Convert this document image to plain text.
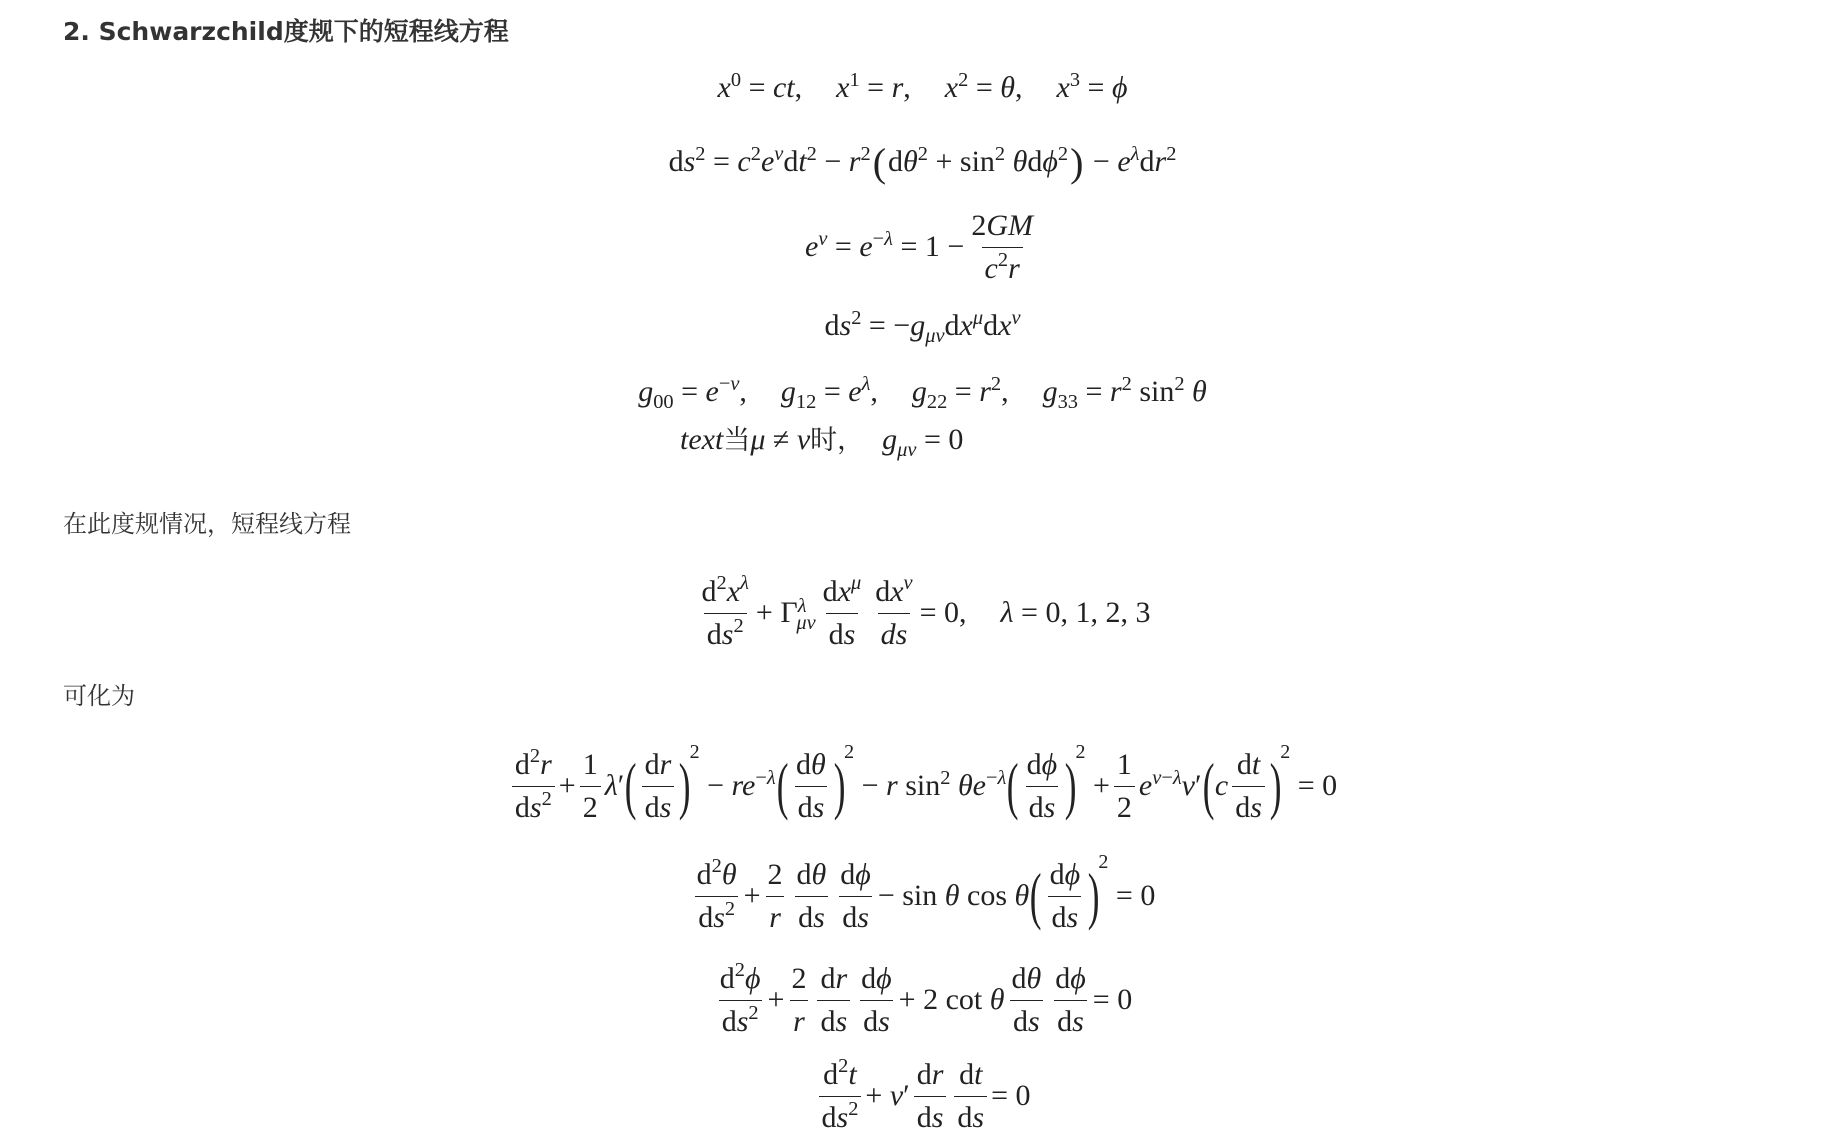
2. Schwarzchild度规下的短程线方程
$x^0$ = ct, $x^1 = r$, $x^2 = \theta$, $x^3 = \phi$
$ds^2 = c^2e^\nu dt^2 - r^2$ ( $d\theta^2 + \sin^2 \theta d\phi^2$ ) − $e^\lambda dr^2$
$e^\nu = e^{-\lambda} = 1 - \frac{2GM}{c^2r}$
$ds^2 = -g_{\mu\nu}dx^\mu dx^\nu$
$g_{00} = e^{-\nu}$, $g_{12} = e^\lambda$, $g_{22} = r^2$, $g_{33} = r^2$ $\sin^2 \theta$
text 当 μ ≠ ν 时， $g_{\mu\nu} = 0$
在此度规情况，短程线方程
$\frac{d^2x^\lambda}{ds^2} + \Gamma^\lambda_{\mu\nu} \frac{dx^\mu}{ds} \frac{dx^\nu}{ds} = 0$, λ = 0, 1, 2, 3
可化为
$\frac{d^2r}{ds^2} + \frac{1}{2} \lambda'$ ( $\frac{dr}{ds}$ )
2
− $re^{-\lambda}$ ( $\frac{d\theta}{ds}$ )
2
− r $\sin^2 \theta e^{-\lambda}$ ( $\frac{d\phi}{ds}$ )
2
+ $\frac{1}{2} e^{\nu-\lambda}\nu'$ ( c $\frac{dt}{ds}$ )
2
= 0
$\frac{d^2\theta}{ds^2} + \frac{2}{r} \frac{d\theta}{ds} \frac{d\phi}{ds} - \sin \theta$ cos θ ( $\frac{d\phi}{ds}$ )
2
= 0
$\frac{d^2\phi}{ds^2} + \frac{2}{r} \frac{dr}{ds} \frac{d\phi}{ds} + 2$ cot θ $\frac{d\theta}{ds} \frac{d\phi}{ds} = 0$
$\frac{d^2t}{ds^2} + \nu' \frac{dr}{ds} \frac{dt}{ds} = 0$
